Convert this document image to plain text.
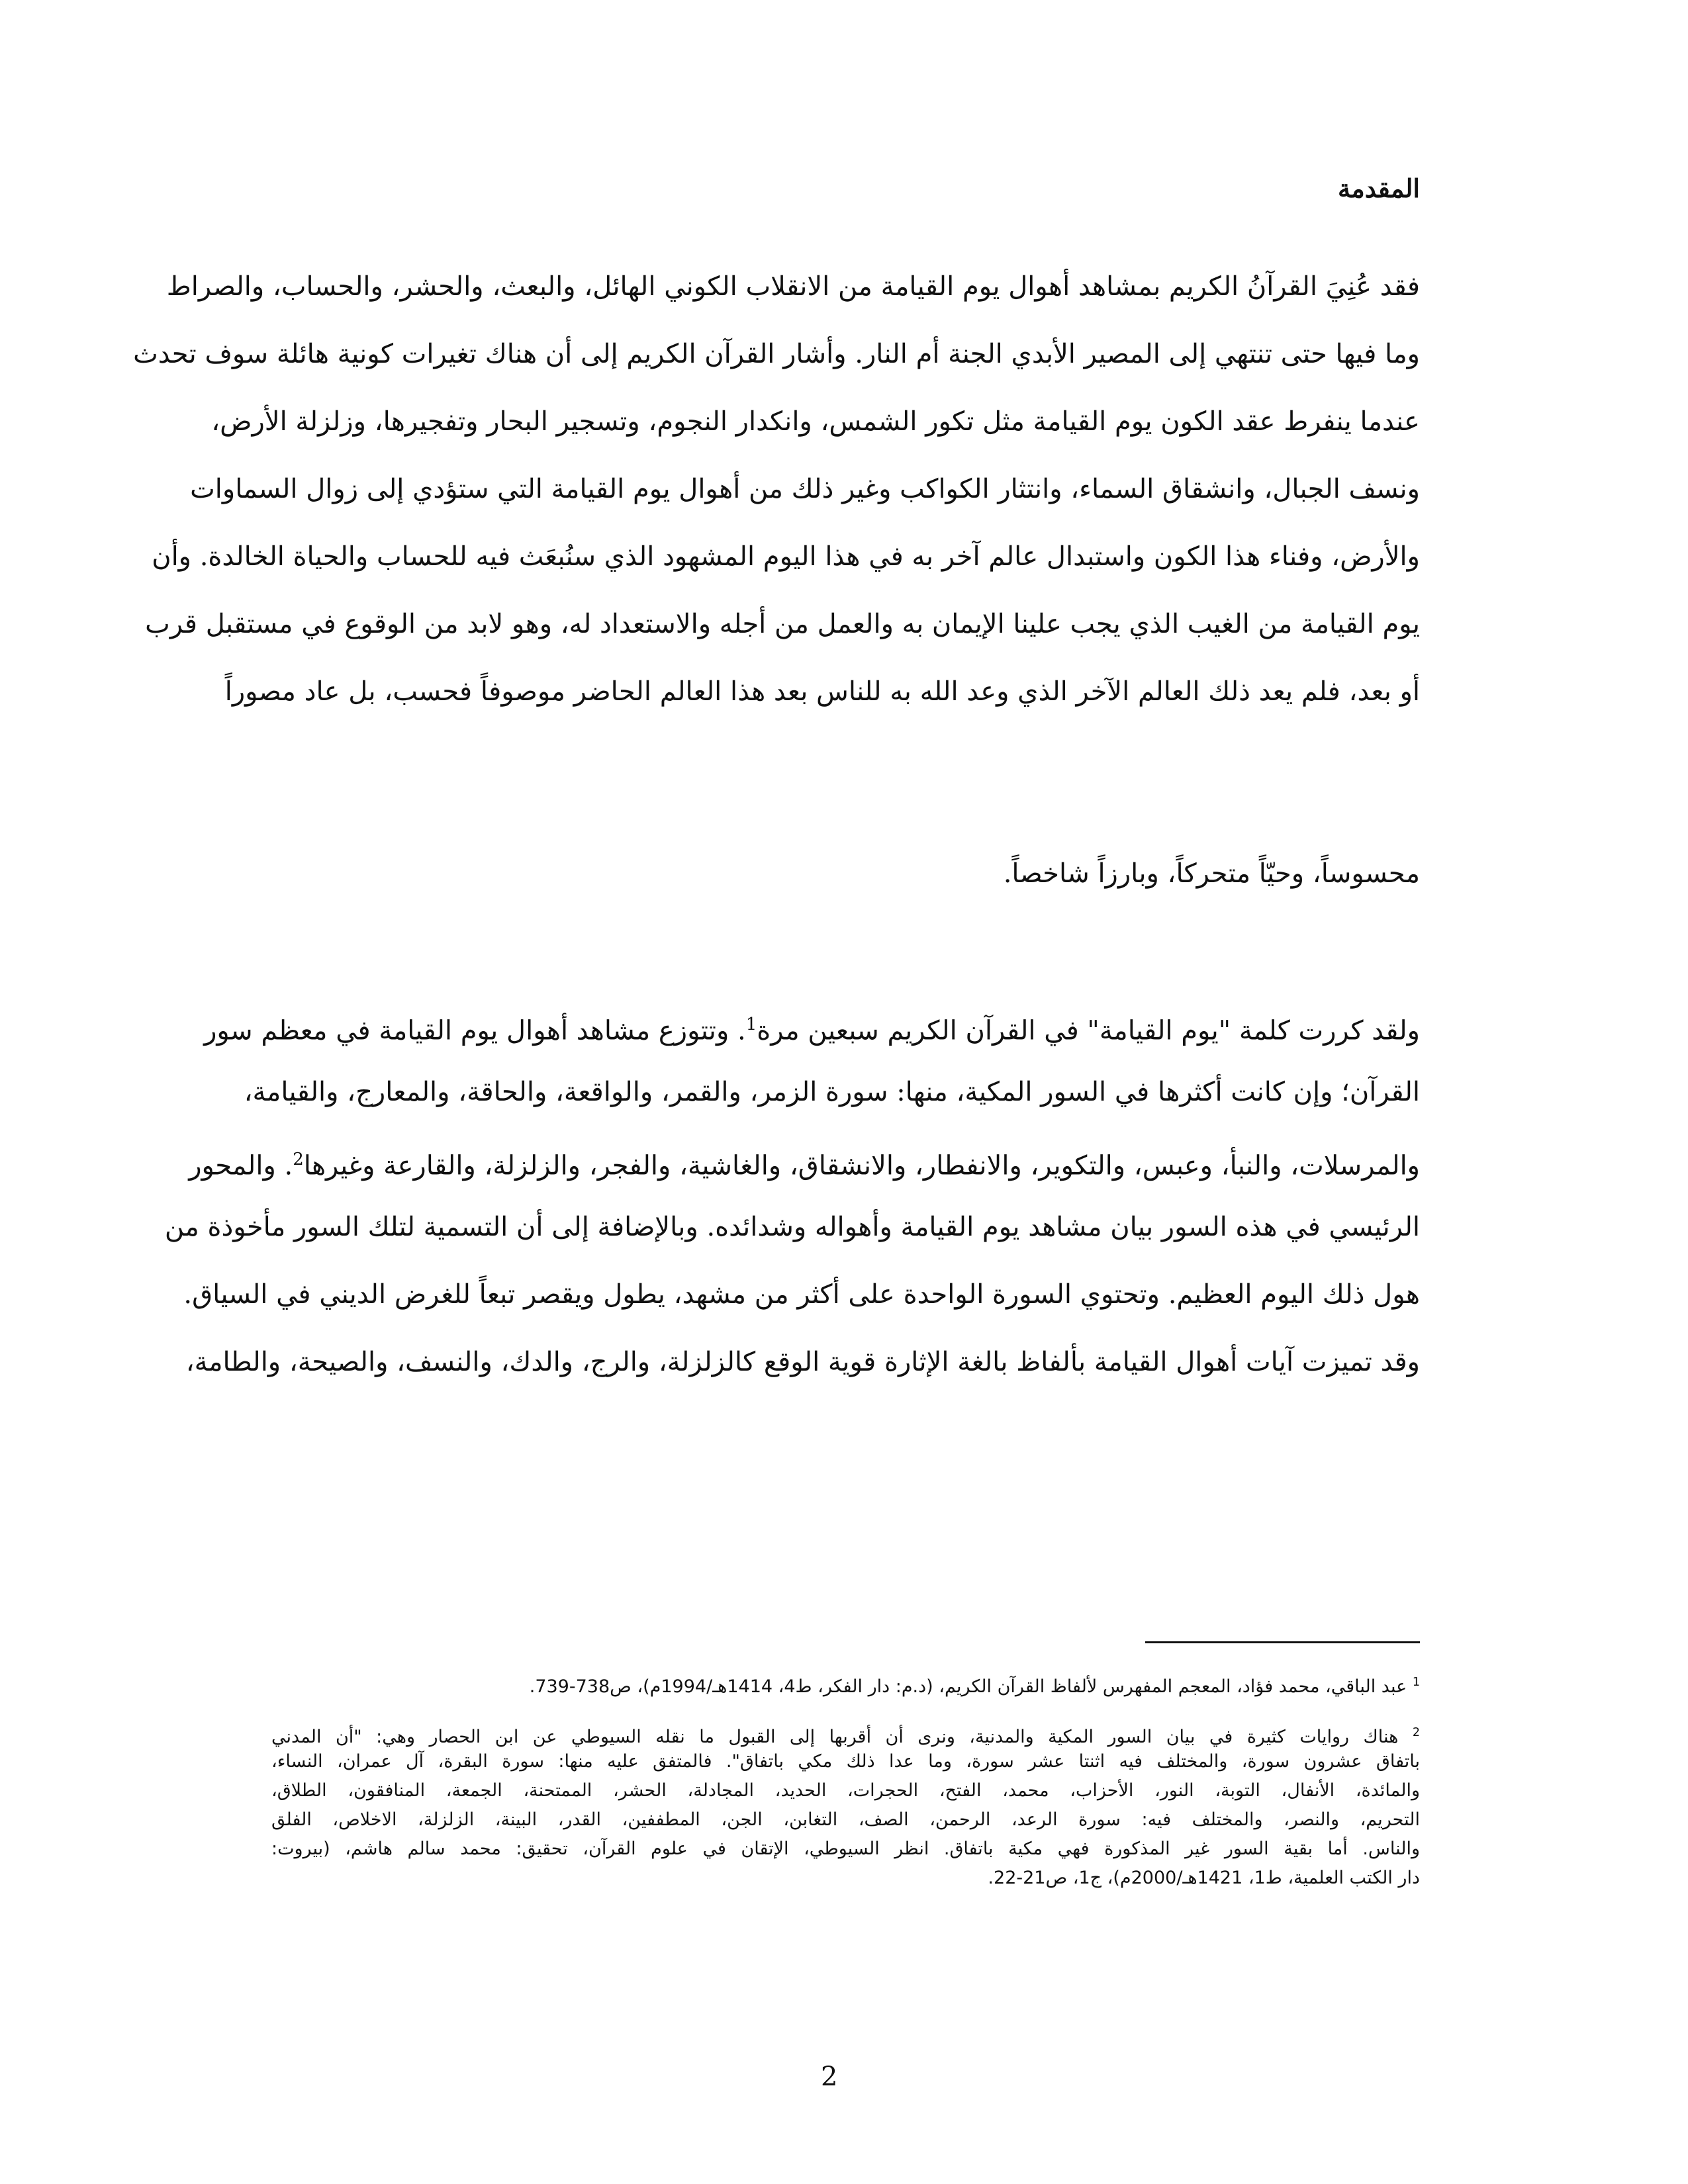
المقدمة
فقد عُنِيَ القرآنُ الكريم بمشاهد أهوال يوم القيامة من الانقلاب الكوني الهائل، والبعث، والحشر، والحساب، والصراط
وما فيها حتى تنتهي إلى المصير الأبدي الجنة أم النار. وأشار القرآن الكريم إلى أن هناك تغيرات كونية هائلة سوف تحدث
عندما ينفرط عقد الكون يوم القيامة مثل تكور الشمس، وانكدار النجوم، وتسجير البحار وتفجيرها، وزلزلة الأرض،
ونسف الجبال، وانشقاق السماء، وانتثار الكواكب وغير ذلك من أهوال يوم القيامة التي ستؤدي إلى زوال السماوات
والأرض، وفناء هذا الكون واستبدال عالم آخر به في هذا اليوم المشهود الذي سنُبعَث فيه للحساب والحياة الخالدة. وأن
يوم القيامة من الغيب الذي يجب علينا الإيمان به والعمل من أجله والاستعداد له، وهو لابد من الوقوع في مستقبل قرب
أو بعد، فلم يعد ذلك العالم الآخر الذي وعد الله به للناس بعد هذا العالم الحاضر موصوفاً فحسب، بل عاد مصوراً
محسوساً، وحيّاً متحركاً، وبارزاً شاخصاً.
ولقد كررت كلمة "يوم القيامة" في القرآن الكريم سبعين مرة$^1$. وتتوزع مشاهد أهوال يوم القيامة في معظم سور
القرآن؛ وإن كانت أكثرها في السور المكية، منها: سورة الزمر، والقمر، والواقعة، والحاقة، والمعارج، والقيامة،
والمرسلات، والنبأ، وعبس، والتكوير، والانفطار، والانشقاق، والغاشية، والفجر، والزلزلة، والقارعة وغيرها$^2$. والمحور
الرئيسي في هذه السور بيان مشاهد يوم القيامة وأهواله وشدائده. وبالإضافة إلى أن التسمية لتلك السور مأخوذة من
هول ذلك اليوم العظيم. وتحتوي السورة الواحدة على أكثر من مشهد، يطول ويقصر تبعاً للغرض الديني في السياق.
وقد تميزت آيات أهوال القيامة بألفاظ بالغة الإثارة قوية الوقع كالزلزلة، والرج، والدك، والنسف، والصيحة، والطامة،
$^1$ عبد الباقي، محمد فؤاد، المعجم المفهرس لألفاظ القرآن الكريم، (د.م: دار الفكر، ط4، 1414هـ/1994م)، ص738-739.
$^2$ هناك روايات كثيرة في بيان السور المكية والمدنية، ونرى أن أقربها إلى القبول ما نقله السيوطي عن ابن الحصار وهي: "أن المدني
باتفاق عشرون سورة، والمختلف فيه اثنتا عشر سورة، وما عدا ذلك مكي باتفاق". فالمتفق عليه منها: سورة البقرة، آل عمران، النساء،
والمائدة، الأنفال، التوبة، النور، الأحزاب، محمد، الفتح، الحجرات، الحديد، المجادلة، الحشر، الممتحنة، الجمعة، المنافقون، الطلاق،
التحريم، والنصر، والمختلف فيه: سورة الرعد، الرحمن، الصف، التغابن، الجن، المطففين، القدر، البينة، الزلزلة، الاخلاص، الفلق
والناس. أما بقية السور غير المذكورة فهي مكية باتفاق. انظر السيوطي، الإتقان في علوم القرآن، تحقيق: محمد سالم هاشم، (بيروت:
دار الكتب العلمية، ط1، 1421هـ/2000م)، ج1، ص21-22.
2
